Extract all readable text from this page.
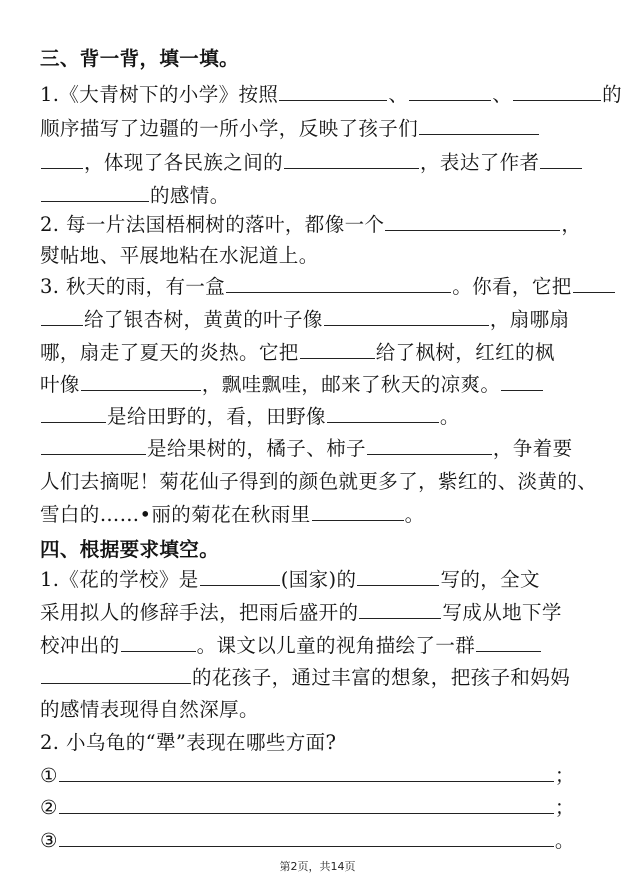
三、背一背，填一填。
1.《大青树下的小学》按照	、	、	的
顺序描写了边疆的一所小学，反映了孩子们
，体现了各民族之间的	，表达了作者
的感情。
2. 每一片法国梧桐树的落叶，都像一个	，
熨帖地、平展地粘在水泥道上。
3. 秋天的雨，有一盒	。你看，它把
给了银杏树，黄黄的叶子像	，扇哪扇
哪，扇走了夏天的炎热。它把	给了枫树，红红的枫
叶像	，飘哇飘哇，邮来了秋天的凉爽。
是给田野的，看，田野像	。
是给果树的，橘子、柿子	，争着要
人们去摘呢！菊花仙子得到的颜色就更多了，紫红的、淡黄的、
雪白的……•丽的菊花在秋雨里	。
四、根据要求填空。
1.《花的学校》是	(国家)的	写的，全文
采用拟人的修辞手法，把雨后盛开的	写成从地下学
校冲出的	。课文以儿童的视角描绘了一群
的花孩子，通过丰富的想象，把孩子和妈妈
的感情表现得自然深厚。
2. 小乌龟的“犟”表现在哪些方面?
①	；
②	；
③	。
第2页，共14页
